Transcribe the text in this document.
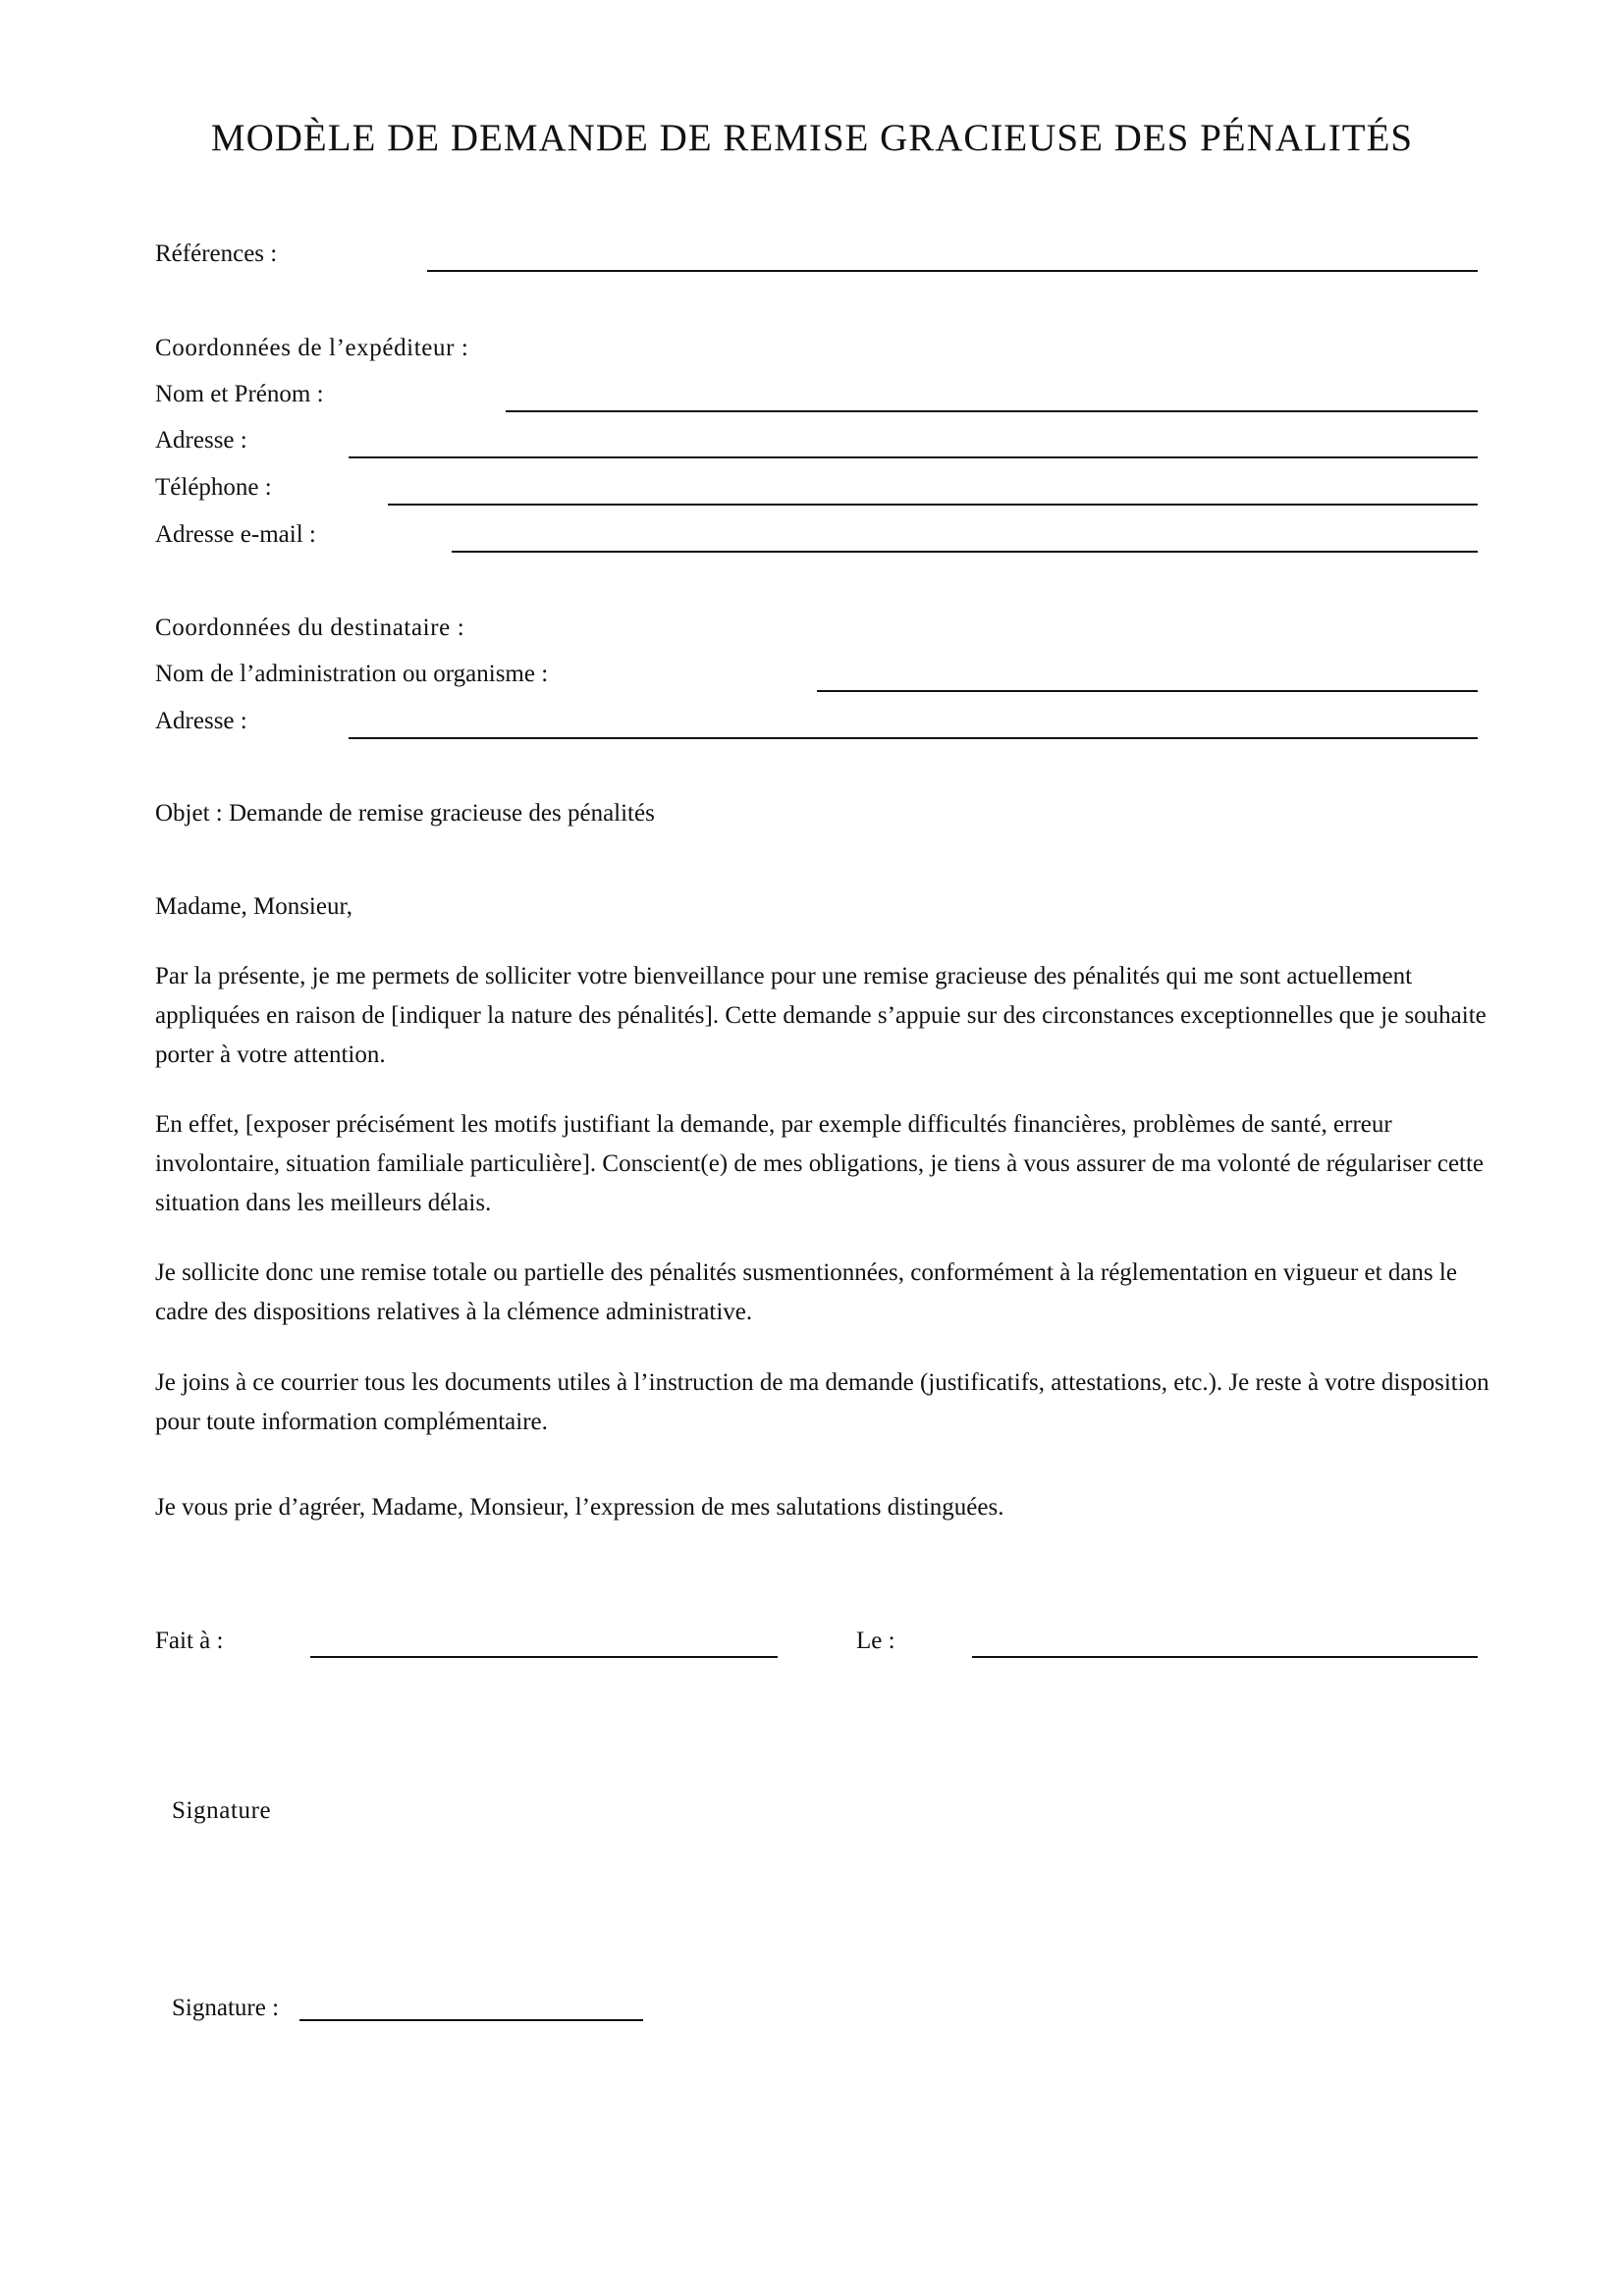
MODÈLE DE DEMANDE DE REMISE GRACIEUSE DES PÉNALITÉS
Références :
Coordonnées de l’expéditeur :
Nom et Prénom :
Adresse :
Téléphone :
Adresse e-mail :
Coordonnées du destinataire :
Nom de l’administration ou organisme :
Adresse :
Objet : Demande de remise gracieuse des pénalités
Madame, Monsieur,

Par la présente, je me permets de solliciter votre bienveillance pour une remise gracieuse des pénalités qui me sont actuellement appliquées en raison de [indiquer la nature des pénalités]. Cette demande s’appuie sur des circonstances exceptionnelles que je souhaite porter à votre attention.

En effet, [exposer précisément les motifs justifiant la demande, par exemple difficultés financières, problèmes de santé, erreur involontaire, situation familiale particulière]. Conscient(e) de mes obligations, je tiens à vous assurer de ma volonté de régulariser cette situation dans les meilleurs délais.

Je sollicite donc une remise totale ou partielle des pénalités susmentionnées, conformément à la réglementation en vigueur et dans le cadre des dispositions relatives à la clémence administrative.

Je joins à ce courrier tous les documents utiles à l’instruction de ma demande (justificatifs, attestations, etc.). Je reste à votre disposition pour toute information complémentaire.

Je vous prie d’agréer, Madame, Monsieur, l’expression de mes salutations distinguées.
Fait à :	Le :
Signature
Signature :
